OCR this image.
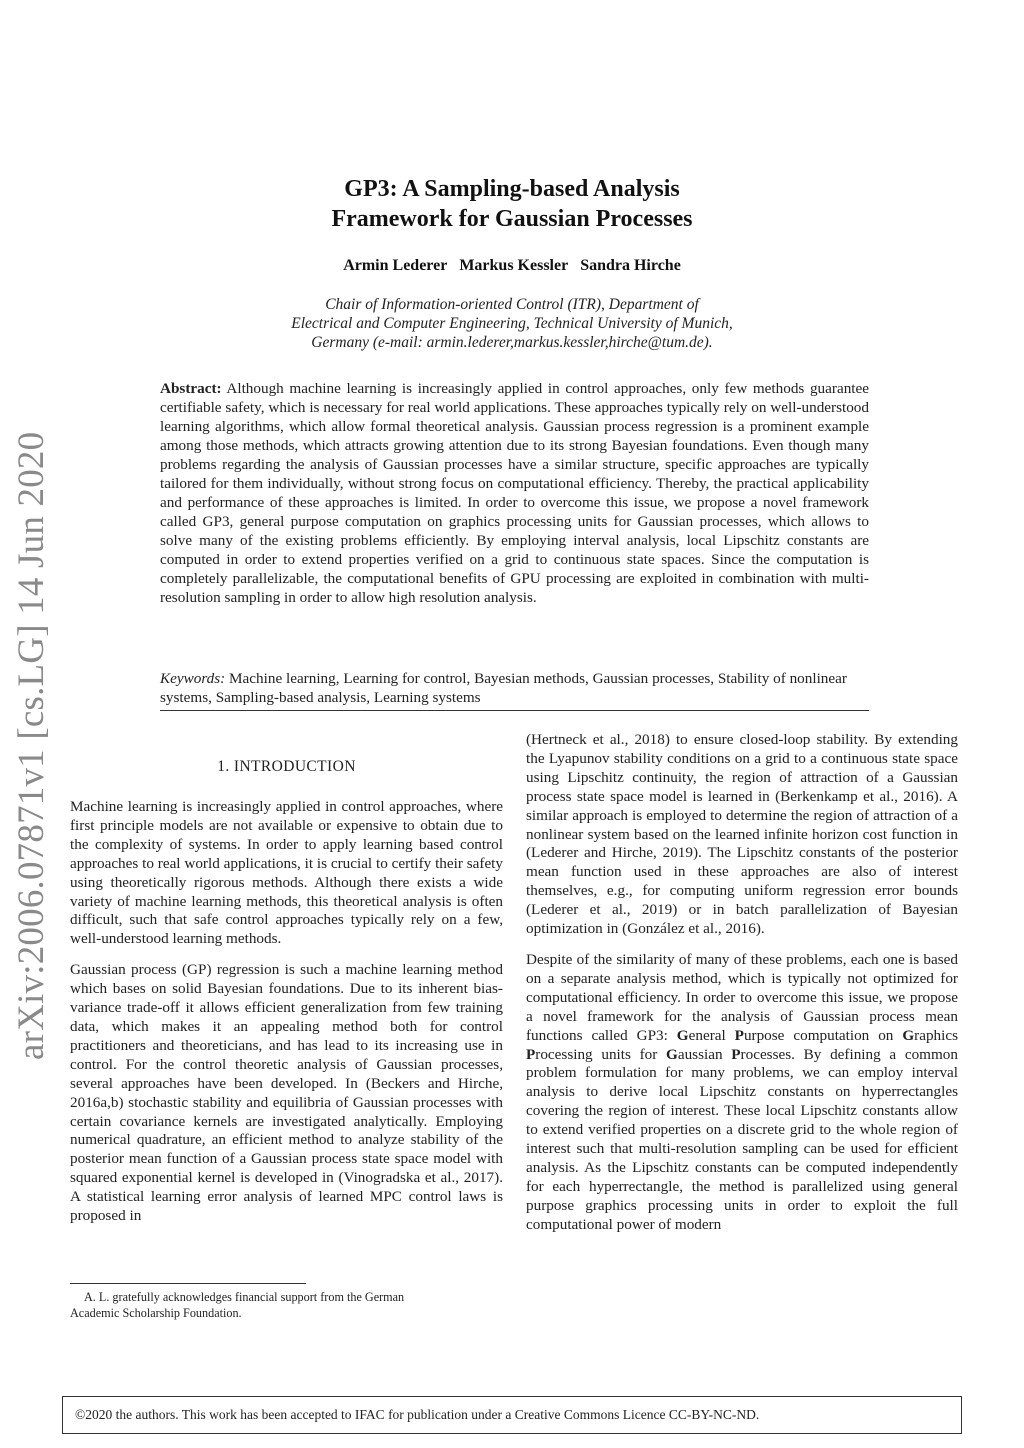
arXiv:2006.07871v1 [cs.LG] 14 Jun 2020
GP3: A Sampling-based Analysis
Framework for Gaussian Processes
Armin Lederer Markus Kessler Sandra Hirche
Chair of Information-oriented Control (ITR), Department of
Electrical and Computer Engineering, Technical University of Munich,
Germany (e-mail: armin.lederer,markus.kessler,hirche@tum.de).
Abstract: Although machine learning is increasingly applied in control approaches, only few methods guarantee certifiable safety, which is necessary for real world applications. These approaches typically rely on well-understood learning algorithms, which allow formal theoretical analysis. Gaussian process regression is a prominent example among those methods, which attracts growing attention due to its strong Bayesian foundations. Even though many problems regarding the analysis of Gaussian processes have a similar structure, specific approaches are typically tailored for them individually, without strong focus on computational efficiency. Thereby, the practical applicability and performance of these approaches is limited. In order to overcome this issue, we propose a novel framework called GP3, general purpose computation on graphics processing units for Gaussian processes, which allows to solve many of the existing problems efficiently. By employing interval analysis, local Lipschitz constants are computed in order to extend properties verified on a grid to continuous state spaces. Since the computation is completely parallelizable, the computational benefits of GPU processing are exploited in combination with multi-resolution sampling in order to allow high resolution analysis.
Keywords: Machine learning, Learning for control, Bayesian methods, Gaussian processes, Stability of nonlinear systems, Sampling-based analysis, Learning systems
1. INTRODUCTION

Machine learning is increasingly applied in control approaches, where first principle models are not available or expensive to obtain due to the complexity of systems. In order to apply learning based control approaches to real world applications, it is crucial to certify their safety using theoretically rigorous methods. Although there exists a wide variety of machine learning methods, this theoretical analysis is often difficult, such that safe control approaches typically rely on a few, well-understood learning methods.

Gaussian process (GP) regression is such a machine learning method which bases on solid Bayesian foundations. Due to its inherent bias-variance trade-off it allows efficient generalization from few training data, which makes it an appealing method both for control practitioners and theoreticians, and has lead to its increasing use in control. For the control theoretic analysis of Gaussian processes, several approaches have been developed. In (Beckers and Hirche, 2016a,b) stochastic stability and equilibria of Gaussian processes with certain covariance kernels are investigated analytically. Employing numerical quadrature, an efficient method to analyze stability of the posterior mean function of a Gaussian process state space model with squared exponential kernel is developed in (Vinogradska et al., 2017). A statistical learning error analysis of learned MPC control laws is proposed in

A. L. gratefully acknowledges financial support from the German
Academic Scholarship Foundation.

(Hertneck et al., 2018) to ensure closed-loop stability. By extending the Lyapunov stability conditions on a grid to a continuous state space using Lipschitz continuity, the region of attraction of a Gaussian process state space model is learned in (Berkenkamp et al., 2016). A similar approach is employed to determine the region of attraction of a nonlinear system based on the learned infinite horizon cost function in (Lederer and Hirche, 2019). The Lipschitz constants of the posterior mean function used in these approaches are also of interest themselves, e.g., for computing uniform regression error bounds (Lederer et al., 2019) or in batch parallelization of Bayesian optimization in (González et al., 2016).

Despite of the similarity of many of these problems, each one is based on a separate analysis method, which is typically not optimized for computational efficiency. In order to overcome this issue, we propose a novel framework for the analysis of Gaussian process mean functions called GP3: General Purpose computation on Graphics Processing units for Gaussian Processes. By defining a common problem formulation for many problems, we can employ interval analysis to derive local Lipschitz constants on hyperrectangles covering the region of interest. These local Lipschitz constants allow to extend verified properties on a discrete grid to the whole region of interest such that multi-resolution sampling can be used for efficient analysis. As the Lipschitz constants can be computed independently for each hyperrectangle, the method is parallelized using general purpose graphics processing units in order to exploit the full computational power of modern

©2020 the authors. This work has been accepted to IFAC for publication under a Creative Commons Licence CC-BY-NC-ND.
